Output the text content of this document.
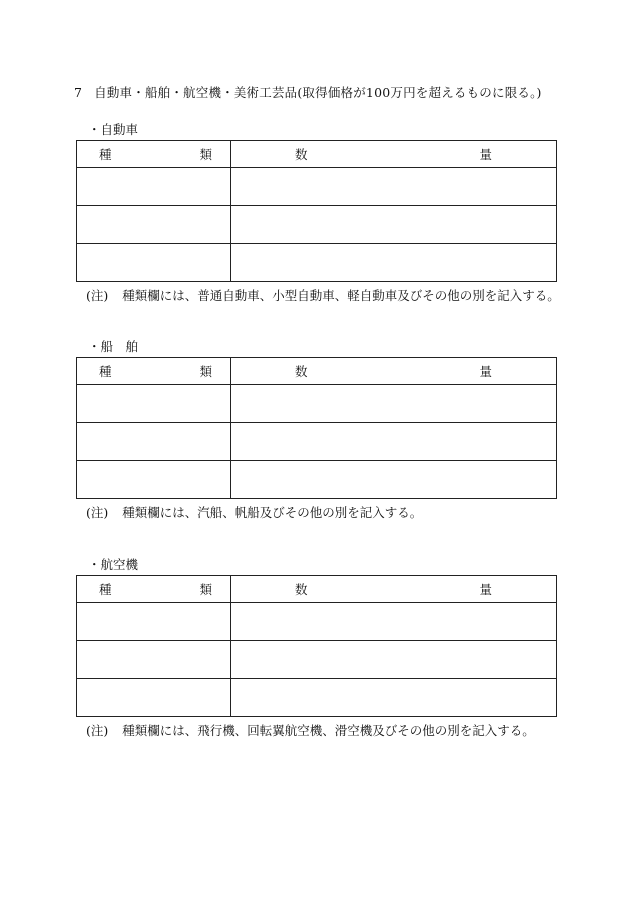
7 自動車・船舶・航空機・美術工芸品(取得価格が100万円を超えるものに限る。)
・自動車
種 類	数 量

(注) 種類欄には、普通自動車、小型自動車、軽自動車及びその他の別を記入する。
・船　舶
種 類	数 量

(注) 種類欄には、汽船、帆船及びその他の別を記入する。
・航空機
種 類	数 量

(注) 種類欄には、飛行機、回転翼航空機、滑空機及びその他の別を記入する。
